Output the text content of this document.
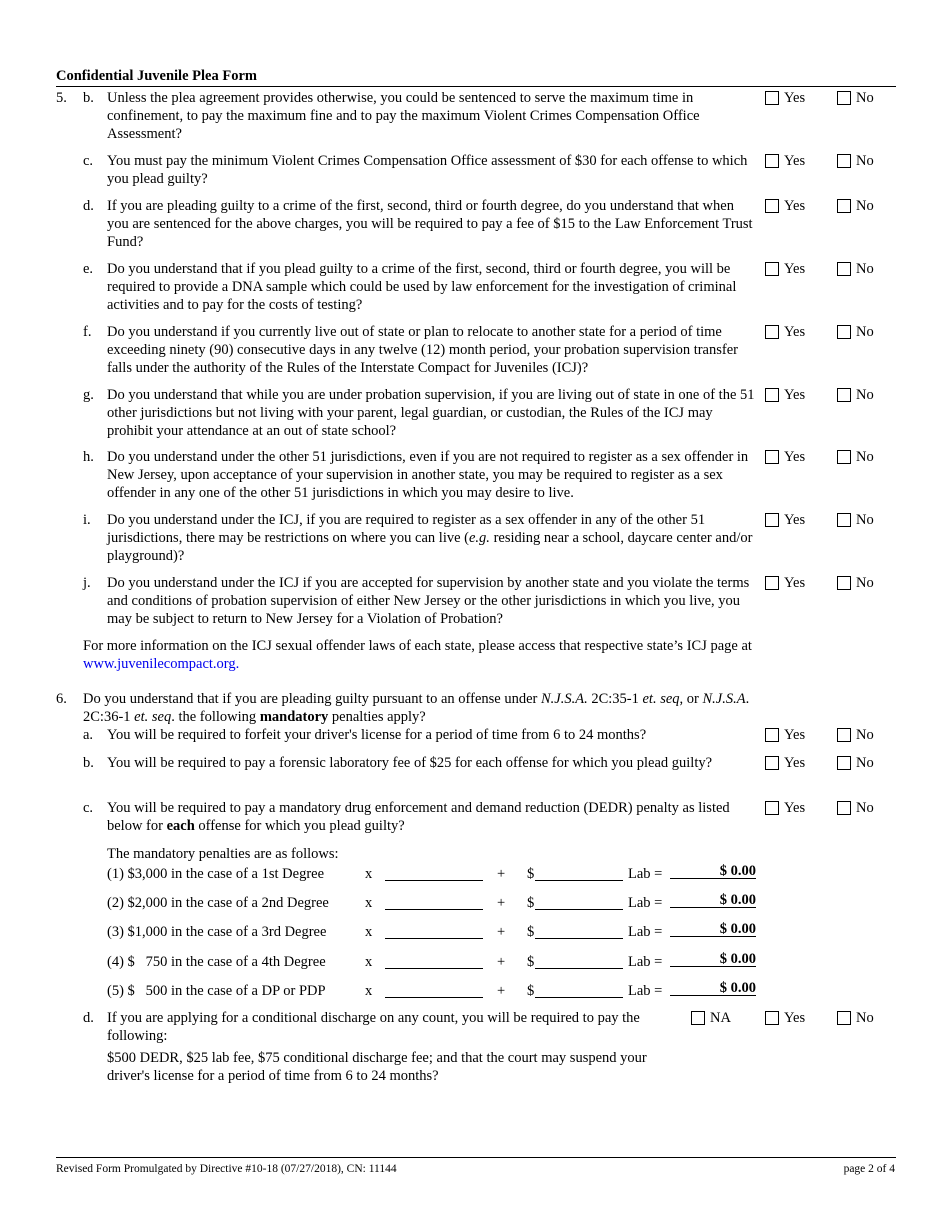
Confidential Juvenile Plea Form
5. b. Unless the plea agreement provides otherwise, you could be sentenced to serve the maximum time in confinement, to pay the maximum fine and to pay the maximum Violent Crimes Compensation Office Assessment?
Yes	No
c. You must pay the minimum Violent Crimes Compensation Office assessment of $30 for each offense to which you plead guilty?
Yes	No
d. If you are pleading guilty to a crime of the first, second, third or fourth degree, do you understand that when you are sentenced for the above charges, you will be required to pay a fee of $15 to the Law Enforcement Trust Fund?
Yes	No
e. Do you understand that if you plead guilty to a crime of the first, second, third or fourth degree, you will be required to provide a DNA sample which could be used by law enforcement for the investigation of criminal activities and to pay for the costs of testing?
Yes	No
f. Do you understand if you currently live out of state or plan to relocate to another state for a period of time exceeding ninety (90) consecutive days in any twelve (12) month period, your probation supervision transfer falls under the authority of the Rules of the Interstate Compact for Juveniles (ICJ)?
Yes	No
g. Do you understand that while you are under probation supervision, if you are living out of state in one of the 51 other jurisdictions but not living with your parent, legal guardian, or custodian, the Rules of the ICJ may prohibit your attendance at an out of state school?
Yes	No
h. Do you understand under the other 51 jurisdictions, even if you are not required to register as a sex offender in New Jersey, upon acceptance of your supervision in another state, you may be required to register as a sex offender in any one of the other 51 jurisdictions in which you may desire to live.
Yes	No
i. Do you understand under the ICJ, if you are required to register as a sex offender in any of the other 51 jurisdictions, there may be restrictions on where you can live (e.g. residing near a school, daycare center and/or playground)?
Yes	No
j. Do you understand under the ICJ if you are accepted for supervision by another state and you violate the terms and conditions of probation supervision of either New Jersey or the other jurisdictions in which you live, you may be subject to return to New Jersey for a Violation of Probation?
Yes	No
For more information on the ICJ sexual offender laws of each state, please access that respective state’s ICJ page at www.juvenilecompact.org.
6. Do you understand that if you are pleading guilty pursuant to an offense under N.J.S.A. 2C:35-1 et. seq, or N.J.S.A. 2C:36-1 et. seq. the following mandatory penalties apply?
a. You will be required to forfeit your driver's license for a period of time from 6 to 24 months?	Yes	No
b. You will be required to pay a forensic laboratory fee of $25 for each offense for which you plead guilty?	Yes	No
c. You will be required to pay a mandatory drug enforcement and demand reduction (DEDR) penalty as listed below for each offense for which you plead guilty?
Yes	No
The mandatory penalties are as follows:
(1) $3,000 in the case of a 1st Degree	x	+ $	Lab =	$ 0.00
(2) $2,000 in the case of a 2nd Degree x	+ $	Lab =	$ 0.00
(3) $1,000 in the case of a 3rd Degree	x	+ $	Lab =	$ 0.00
(4) $   750 in the case of a 4th Degree	x	+ $	Lab =	$ 0.00
(5) $   500 in the case of a DP or PDP	x	+ $	Lab =	$ 0.00
d. If you are applying for a conditional discharge on any count, you will be required to pay the following:
NA	Yes	No
$500 DEDR, $25 lab fee, $75 conditional discharge fee; and that the court may suspend your driver's license for a period of time from 6 to 24 months?
Revised Form Promulgated by Directive #10-18 (07/27/2018), CN: 11144	page 2 of 4
